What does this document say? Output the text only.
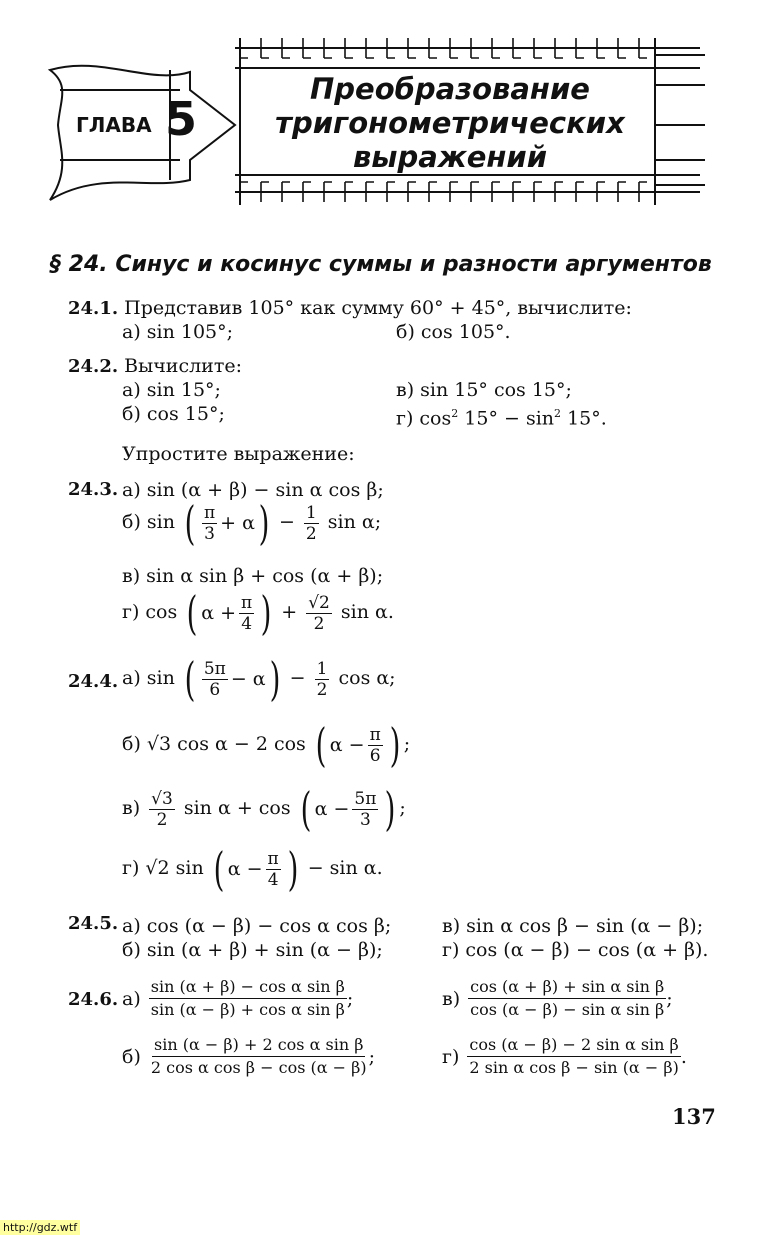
ГЛАВА 5
Преобразование
тригонометрических
выражений
§ 24. Синус и косинус суммы и разности аргументов
24.1. Представив 105° как сумму 60° + 45°, вычислите:
а) sin 105°;	б) cos 105°.
24.2. Вычислите:
а) sin 15°;
б) cos 15°;
в) sin 15° cos 15°;
г) $\cos^2 15^\circ - \sin^2 15^\circ$.
Упростите выражение:
24.3. а) sin (α + β) − sin α cos β;
б) sin ( $\frac{\pi}{3} + \alpha$ ) − $\frac{1}{2}$ sin α;
в) sin α sin β + cos (α + β);
г) cos ( $\alpha + \frac{\pi}{4}$ ) + $\frac{√2}{2}$ sin α.
24.4. а) sin ( $\frac{5\pi}{6} - \alpha$ ) − $\frac{1}{2}$ cos α;
б) √3 cos α − 2 cos ( $\alpha - \frac{\pi}{6}$ ) ;
$в) \frac{√3}{2}$ sin α + cos ( $\alpha - \frac{5\pi}{3}$ ) ;
г) √2 sin ( $\alpha - \frac{\pi}{4}$ ) − sin α.
24.5. а) cos (α − β) − cos α cos β;
б) sin (α + β) + sin (α − β);
в) sin α cos β − sin (α − β);
г) cos (α − β) − cos (α + β).
24.6. а)
sin (α + β) − cos α sin β
sin (α − β) + cos α sin β ;
б)
sin (α − β) + 2 cos α sin β
2 cos α cos β − cos (α − β) ;
в)
cos (α + β) + sin α sin β
cos (α − β) − sin α sin β ;
г)
cos (α − β) − 2 sin α sin β
2 sin α cos β − sin (α − β) .
137
http://gdz.wtf
